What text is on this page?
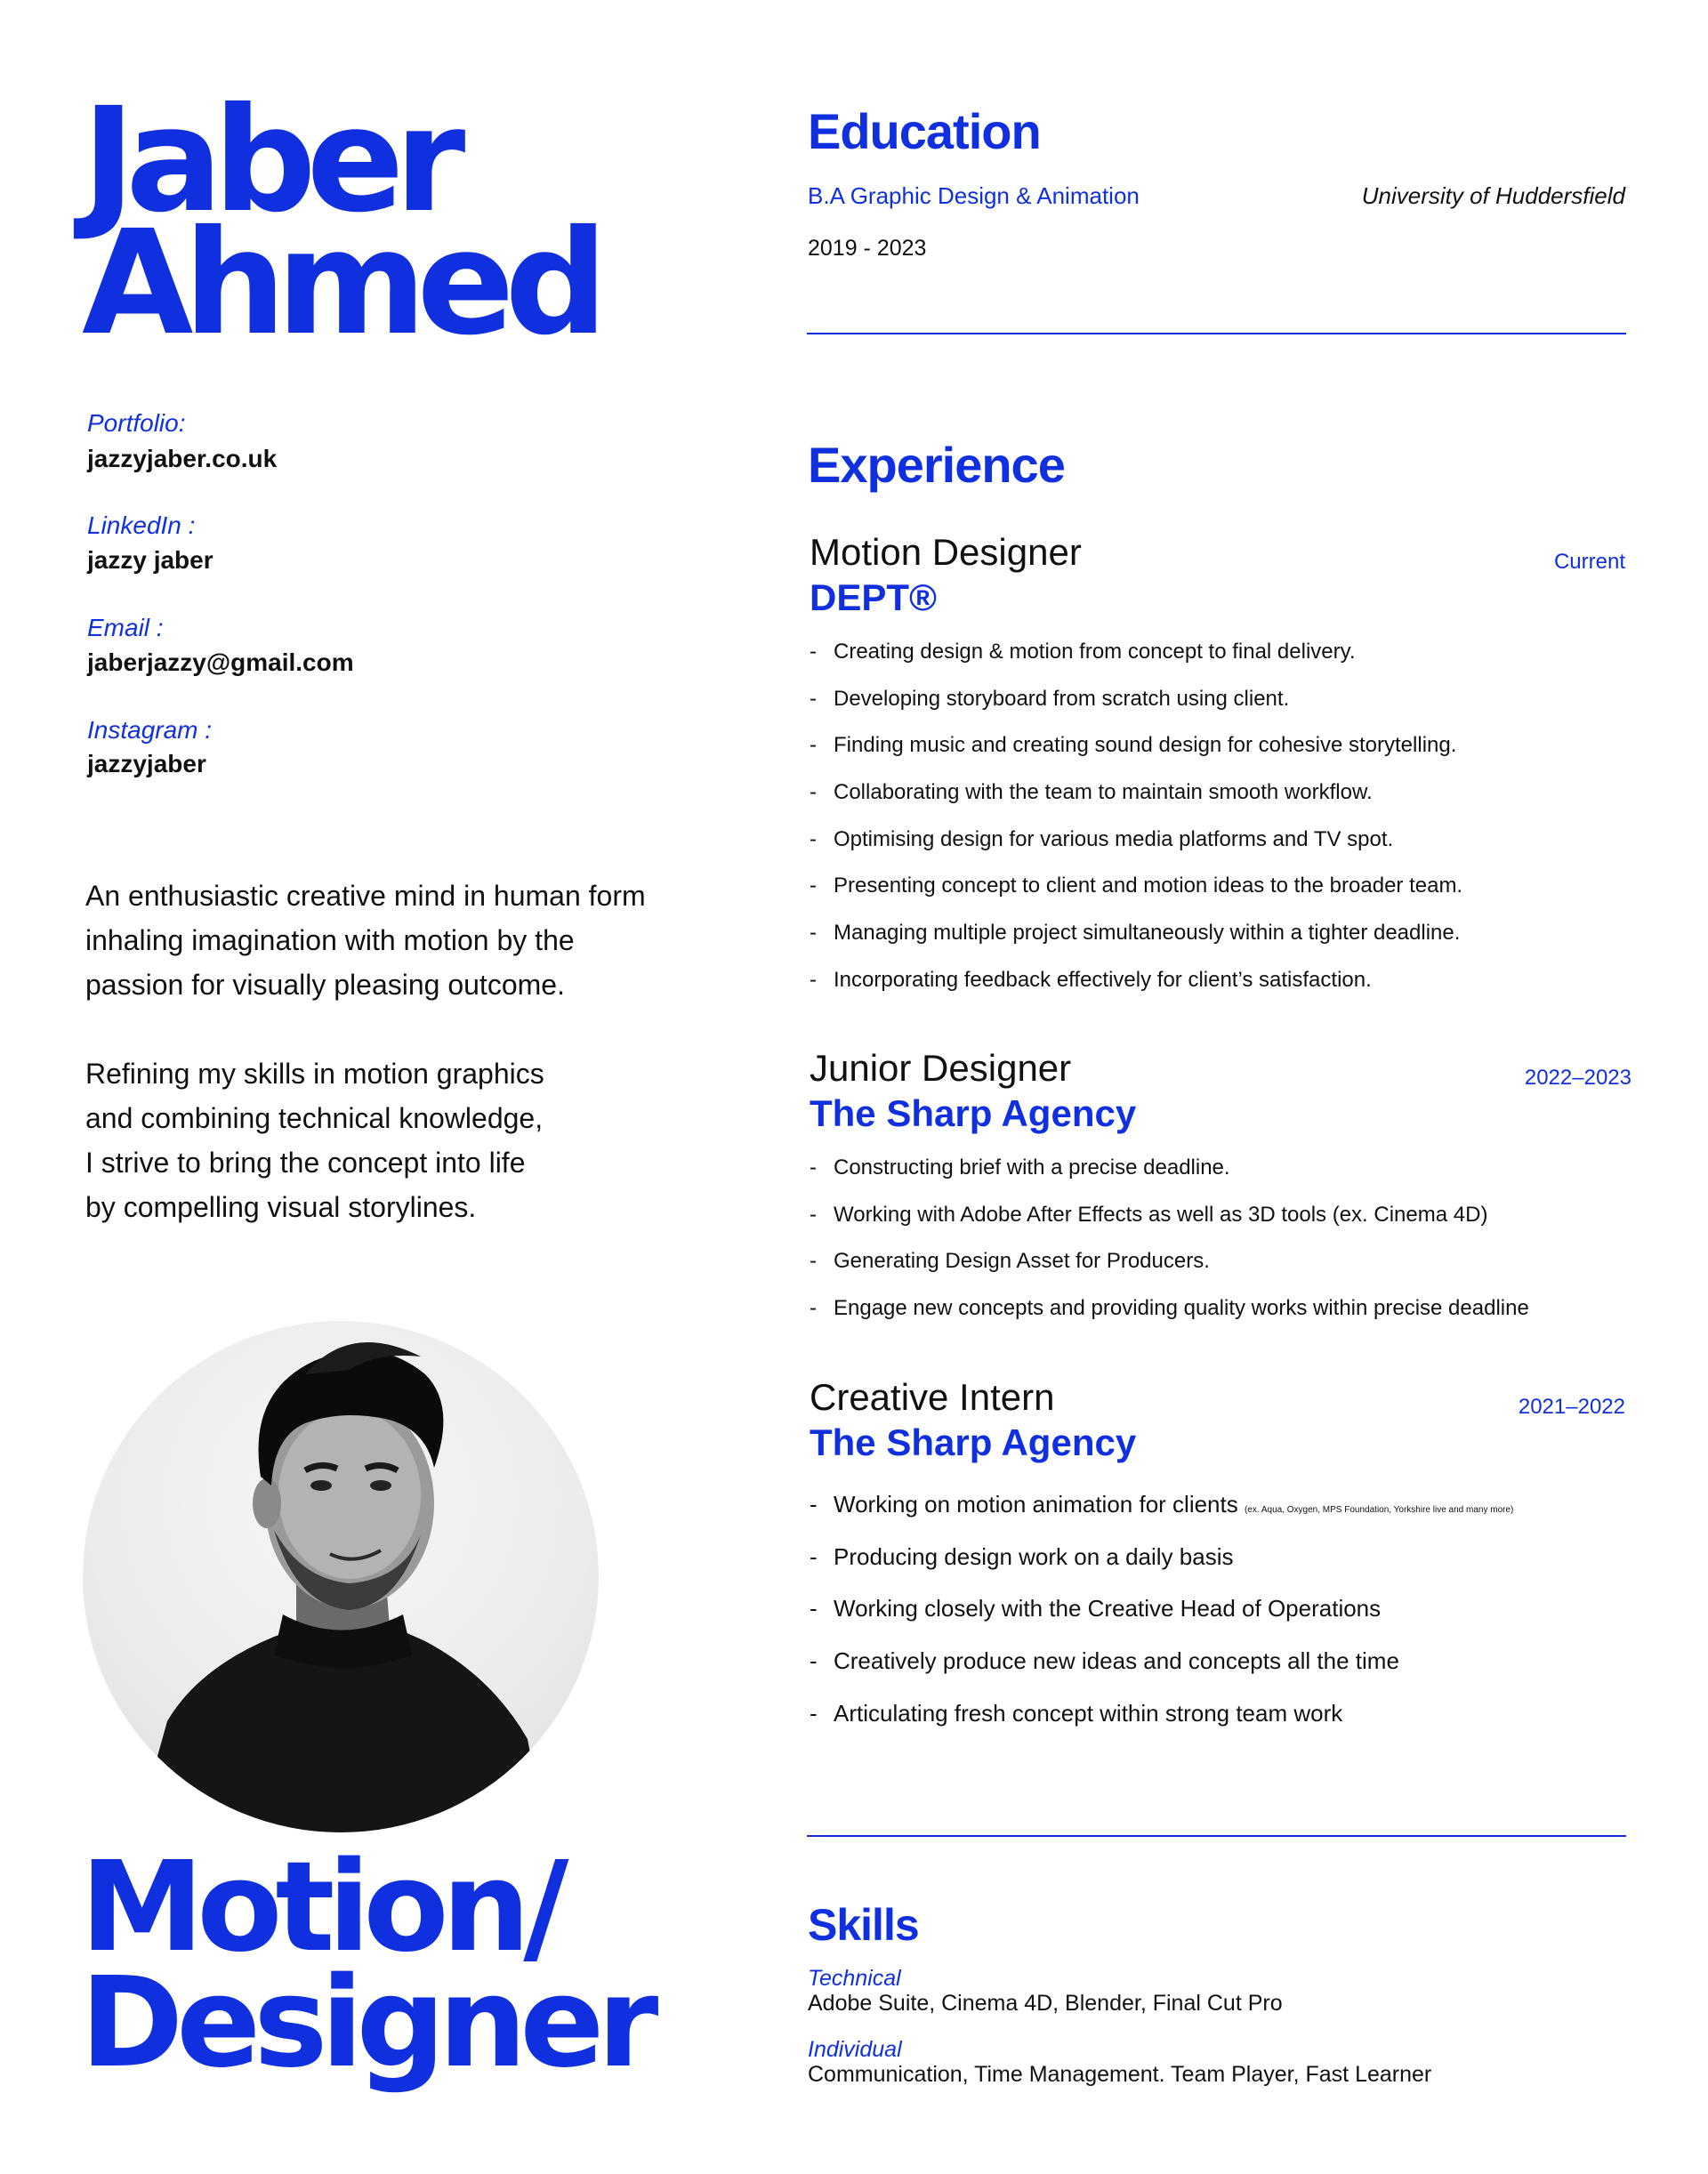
Jaber
Ahmed
Portfolio:
jazzyjaber.co.uk
LinkedIn :
jazzy jaber
Email :
jaberjazzy@gmail.com
Instagram :
jazzyjaber

An enthusiastic creative mind in human form
inhaling imagination with motion by the
passion for visually pleasing outcome.

Refining my skills in motion graphics
and combining technical knowledge,
I strive to bring the concept into life
by compelling visual storylines.

Motion/
Designer
Education
B.A Graphic Design & Animation	University of Huddersfield
2019 - 2023
Experience
Motion Designer	Current
DEPT®
- Creating design & motion from concept to final delivery.
- Developing storyboard from scratch using client.
- Finding music and creating sound design for cohesive storytelling.
- Collaborating with the team to maintain smooth workflow.
- Optimising design for various media platforms and TV spot.
- Presenting concept to client and motion ideas to the broader team.
- Managing multiple project simultaneously within a tighter deadline.
- Incorporating feedback effectively for client’s satisfaction.
Junior Designer	2022–2023
The Sharp Agency
- Constructing brief with a precise deadline.
- Working with Adobe After Effects as well as 3D tools (ex. Cinema 4D)
- Generating Design Asset for Producers.
- Engage new concepts and providing quality works within precise deadline
Creative Intern	2021–2022
The Sharp Agency
- Working on motion animation for clients (ex. Aqua, Oxygen, MPS Foundation, Yorkshire live and many more)
- Producing design work on a daily basis
- Working closely with the Creative Head of Operations
- Creatively produce new ideas and concepts all the time
- Articulating fresh concept within strong team work
Skills
Technical
Adobe Suite, Cinema 4D, Blender, Final Cut Pro
Individual
Communication, Time Management. Team Player, Fast Learner
